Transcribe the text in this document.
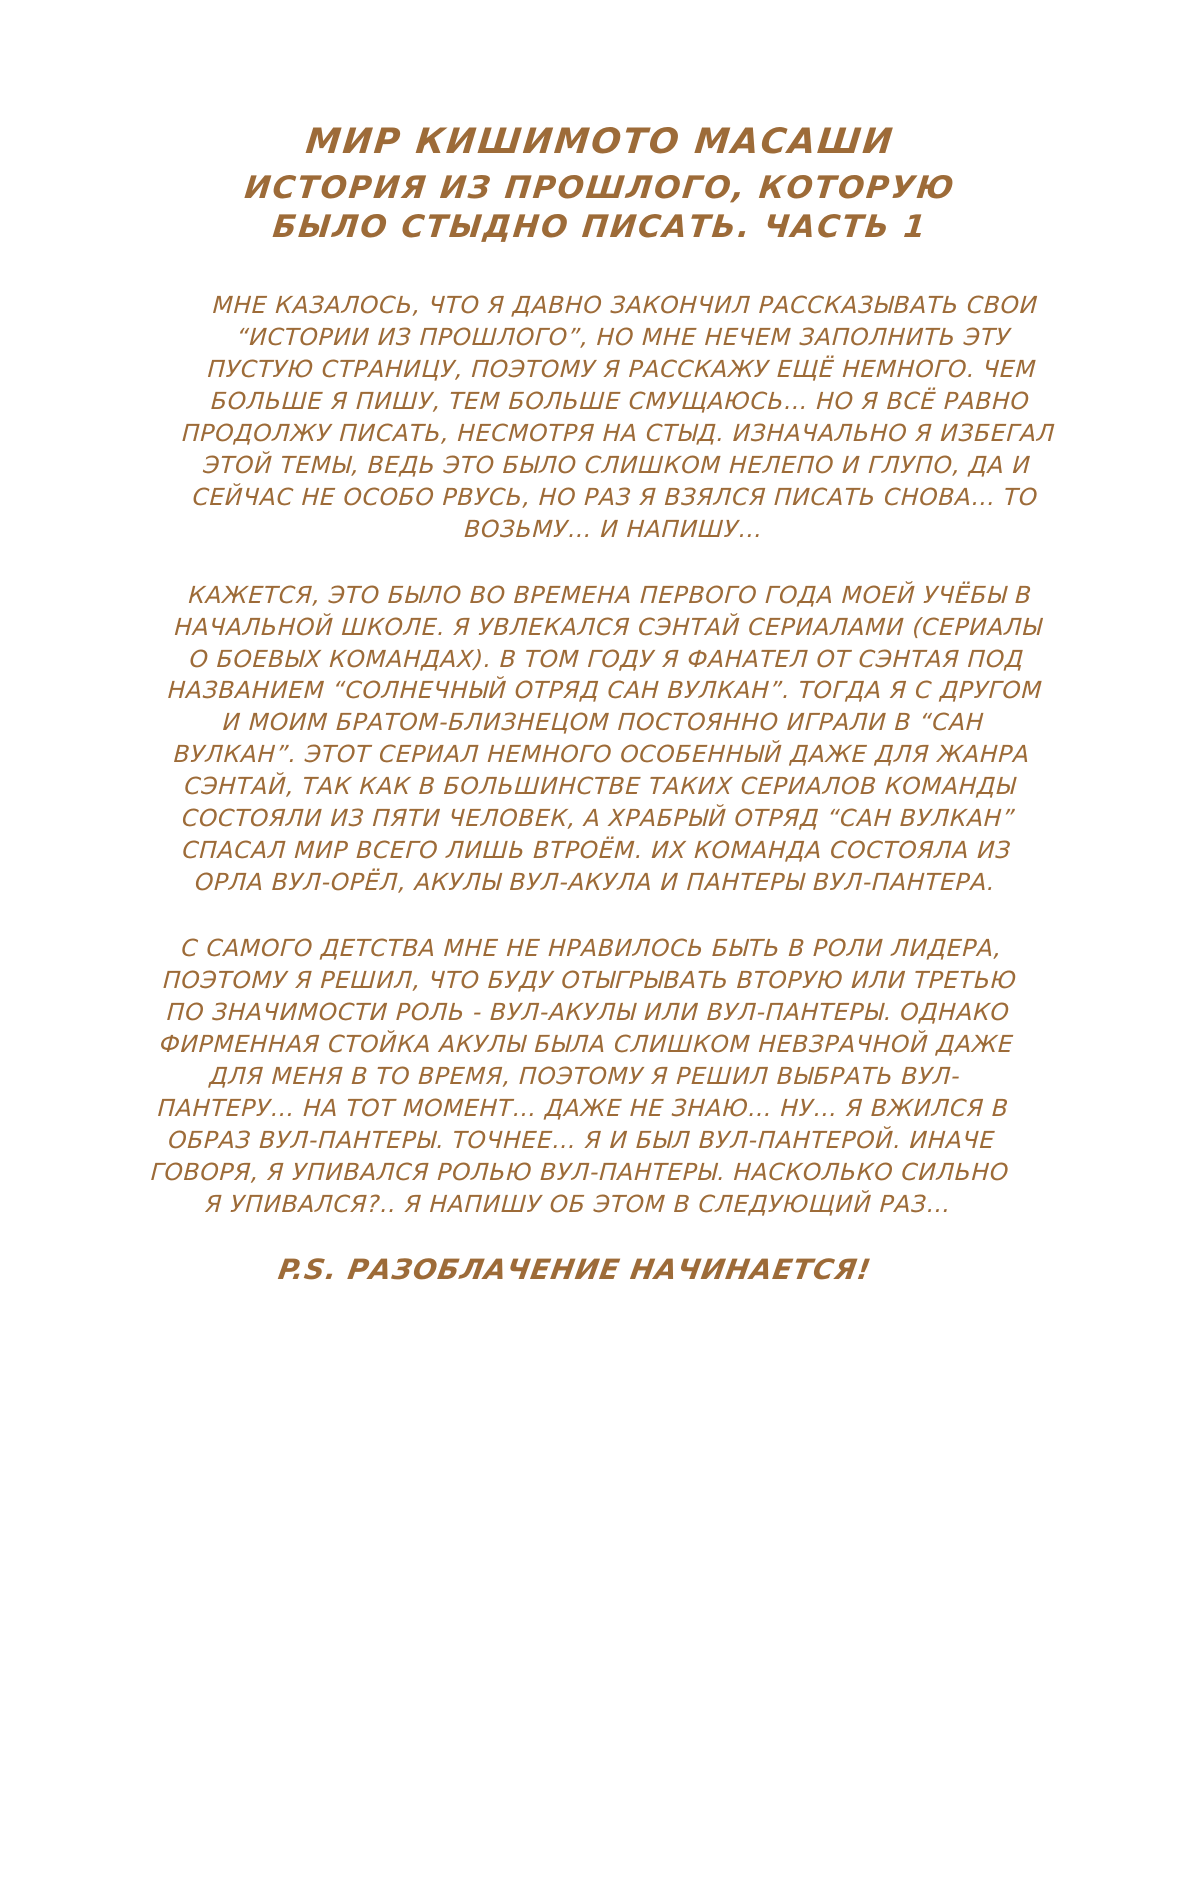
МИР КИШИМОТО МАСАШИ
ИСТОРИЯ ИЗ ПРОШЛОГО, КОТОРУЮ
БЫЛО СТЫДНО ПИСАТЬ. ЧАСТЬ 1

МНЕ КАЗАЛОСЬ, ЧТО Я ДАВНО ЗАКОНЧИЛ РАССКАЗЫВАТЬ СВОИ “ИСТОРИИ ИЗ ПРОШЛОГО”, НО МНЕ НЕЧЕМ ЗАПОЛНИТЬ ЭТУ ПУСТУЮ СТРАНИЦУ, ПОЭТОМУ Я РАССКАЖУ ЕЩЁ НЕМНОГО. ЧЕМ БОЛЬШЕ Я ПИШУ, ТЕМ БОЛЬШЕ СМУЩАЮСЬ… НО Я ВСЁ РАВНО ПРОДОЛЖУ ПИСАТЬ, НЕСМОТРЯ НА СТЫД. ИЗНАЧАЛЬНО Я ИЗБЕГАЛ ЭТОЙ ТЕМЫ, ВЕДЬ ЭТО БЫЛО СЛИШКОМ НЕЛЕПО И ГЛУПО, ДА И СЕЙЧАС НЕ ОСОБО РВУСЬ, НО РАЗ Я ВЗЯЛСЯ ПИСАТЬ СНОВА… ТО ВОЗЬМУ… И НАПИШУ…

КАЖЕТСЯ, ЭТО БЫЛО ВО ВРЕМЕНА ПЕРВОГО ГОДА МОЕЙ УЧЁБЫ В НАЧАЛЬНОЙ ШКОЛЕ. Я УВЛЕКАЛСЯ СЭНТАЙ СЕРИАЛАМИ (СЕРИАЛЫ О БОЕВЫХ КОМАНДАХ). В ТОМ ГОДУ Я ФАНАТЕЛ ОТ СЭНТАЯ ПОД НАЗВАНИЕМ “СОЛНЕЧНЫЙ ОТРЯД САН ВУЛКАН”. ТОГДА Я С ДРУГОМ И МОИМ БРАТОМ-БЛИЗНЕЦОМ ПОСТОЯННО ИГРАЛИ В “САН ВУЛКАН”. ЭТОТ СЕРИАЛ НЕМНОГО ОСОБЕННЫЙ ДАЖЕ ДЛЯ ЖАНРА СЭНТАЙ, ТАК КАК В БОЛЬШИНСТВЕ ТАКИХ СЕРИАЛОВ КОМАНДЫ СОСТОЯЛИ ИЗ ПЯТИ ЧЕЛОВЕК, А ХРАБРЫЙ ОТРЯД “САН ВУЛКАН” СПАСАЛ МИР ВСЕГО ЛИШЬ ВТРОЁМ. ИХ КОМАНДА СОСТОЯЛА ИЗ ОРЛА ВУЛ-ОРЁЛ, АКУЛЫ ВУЛ-АКУЛА И ПАНТЕРЫ ВУЛ-ПАНТЕРА.

С САМОГО ДЕТСТВА МНЕ НЕ НРАВИЛОСЬ БЫТЬ В РОЛИ ЛИДЕРА, ПОЭТОМУ Я РЕШИЛ, ЧТО БУДУ ОТЫГРЫВАТЬ ВТОРУЮ ИЛИ ТРЕТЬЮ ПО ЗНАЧИМОСТИ РОЛЬ - ВУЛ-АКУЛЫ ИЛИ ВУЛ-ПАНТЕРЫ. ОДНАКО ФИРМЕННАЯ СТОЙКА АКУЛЫ БЫЛА СЛИШКОМ НЕВЗРАЧНОЙ ДАЖЕ ДЛЯ МЕНЯ В ТО ВРЕМЯ, ПОЭТОМУ Я РЕШИЛ ВЫБРАТЬ ВУЛ-ПАНТЕРУ… НА ТОТ МОМЕНТ… ДАЖЕ НЕ ЗНАЮ… НУ… Я ВЖИЛСЯ В ОБРАЗ ВУЛ-ПАНТЕРЫ. ТОЧНЕЕ… Я И БЫЛ ВУЛ-ПАНТЕРОЙ. ИНАЧЕ ГОВОРЯ, Я УПИВАЛСЯ РОЛЬЮ ВУЛ-ПАНТЕРЫ. НАСКОЛЬКО СИЛЬНО Я УПИВАЛСЯ?.. Я НАПИШУ ОБ ЭТОМ В СЛЕДУЮЩИЙ РАЗ…

P.S. РАЗОБЛАЧЕНИЕ НАЧИНАЕТСЯ!
